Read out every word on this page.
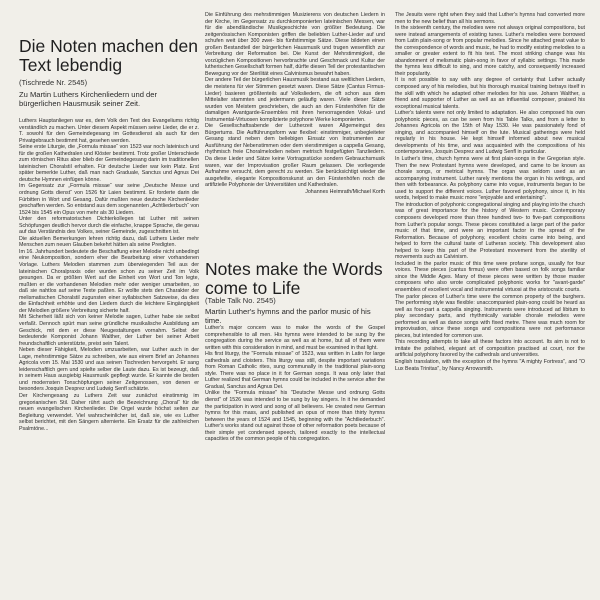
Die Noten machen den Text lebendig
(Tischrede Nr. 2545)
Zu Martin Luthers Kirchenliedern und der bürgerlichen Hausmusik seiner Zeit.

Luthers Hauptanliegen war es, dem Volk den Text des Evangeliums richtig verständlich zu machen. Unter diesem Aspekt müssen seine Lieder, die er z. T. sowohl für den Gemeindegesang im Gottesdienst als auch für den Privatgebrauch bestimmt hat, gesehen werden.

Seine erste Liturgie, die „Formula missae“ von 1523 war noch lateinisch und für die großen Kathedralen und Klöster bestimmt. Trotz großer Unterschiede zum römischen Ritus aber blieb der Gemeindegesang darin im traditionellen lateinischen Choralstil erhalten. Für deutsche Lieder war kein Platz. Erst später bemerkte Luther, daß man nach Graduale, Sanctus und Agnus Dei deutsche Hymnen einfügen könne.

Im Gegensatz zur „Formula missae“ war seine „Deutsche Messe und ordnung Gotts dienst“ von 1526 für Laien bestimmt. Er forderte darin die Fürbitten in Wort und Gesang. Dafür mußten neue deutsche Kirchenlieder geschaffen werden. So entstand aus dem sogenannten „Achtliederbuch“ von 1524 bis 1545 ein Opus von mehr als 30 Liedern.

Unter den reformatorischen Dichterkollegen tat Luther mit seinen Schöpfungen deutlich hervor durch die einfache, knappe Sprache, die genau auf das Verständnis des Volkes, seiner Gemeinde, zugeschnitten ist.

Die aktuellen Bemerkungen lehren richtig dazu, daß Luthers Lieder mehr Menschen zum neuen Glauben bekehrt hätten als seine Predigten.

Im 16. Jahrhundert bedeutete die Beschaffung einer Melodie nicht unbedingt eine Neukomposition, sondern eher die Bearbeitung einer vorhandenen Vorlage. Luthers Melodien stammen zum überwiegenden Teil aus der lateinischen Choralpraxis oder wurden schon zu seiner Zeit im Volk gesungen. Da er größten Wert auf die Einheit von Wort und Ton legte, mußten er die vorhandenen Melodien mehr oder weniger umarbeiten, so daß sie nahtlos auf seine Texte paßten. Er wollte stets den Charakter der melismatischen Choralstil zugunsten einer syllabischen Satzweise, da dies die Einfachheit erhöhte und den Liedern durch die leichtere Eingängigkeit der Melodien größere Verbreitung sicherte half.

Mit Sicherheit läßt sich von keiner Melodie sagen, Luther habe sie selbst verfaßt. Dennoch spürt man seine gründliche musikalische Ausbildung am Geschick, mit dem er diese Neugestaltungen vornahm. Selbst der bedeutende Komponist Johann Walther, der Luther bei seiner Arbeit freundschaftlich unterstützte, preist sein Talent.

Neben dieser Fähigkeit, Melodien umzuarbeiten, war Luther auch in der Lage, mehrstimmige Sätze zu schreiben, wie aus einem Brief an Johannes Agricola vom 15. Mai 1530 und aus seinen Tischreden hervorgeht. Er sang leidenschaftlich gern und spielte selber die Laute dazu. Es ist bezeugt, daß in seinem Haus ausgiebig Hausmusik gepflegt wurde. Er kannte die besten und modernsten Tonschöpfungen seiner Zeitgenossen, von denen er besonders Josquin Desprez und Ludwig Senfl schätzte.

Der Kirchengesang zu Luthers Zeit war zunächst einstimmig im gregorianischen Stil. Daher rührt auch die Bezeichnung „Choral“ für die neuen evangelischen Kirchenlieder. Die Orgel wurde höchst selten zur Begleitung verwendet. Viel wahrscheinlicher ist, daß sie, wie es Luther selbst berichtet, mit den Sängern alternierte. Ein Ersatz für die zahlreichen Psalmtöne...

Die Einführung des mehrstimmigen Musizierens von deutschen Liedern in der Kirche, im Gegensatz zu durchkomponierten lateinischen Messen, war für die abendländische Musikgeschichte von größter Bedeutung. Die zeitgenössischen Komponisten griffen die beliebten Luther-Lieder auf und schufen weit über 300 zwei- bis fünfstimmige Sätze. Diese bildeten einen großen Bestandteil der bürgerlichen Hausmusik und trugen wesentlich zur Verbreitung der Reformation bei. Die Kunst der Mehrstimmigkeit, die vorzüglichen Kompositionen hervorbrachte und Geschmack und Kultur der lutherischen Gesellschaft formen half, dürfte diesen Teil der protestantischen Bewegung vor der Sterilität eines Calvinismus bewahrt haben.

Der andere Teil der bürgerlichen Hausmusik bestand aus weltlichen Liedern, die meistens für vier Stimmen gesetzt waren. Diese Sätze (Cantus Firmus-Lieder) basieren größtenteils auf Volksliedern, die oft schon aus dem Mittelalter stammten und jedermann geläufig waren. Viele dieser Sätze wurden von Meistern geschrieben, die auch an den Fürstenhöfen für die damaligen Avantgarde-Ensembles mit ihren hervorragenden Vokal- und Instrumental-Virtuosen komplizierte polyphone Werke komponierten.

Die Gesellschaftsabende der Lutherzeit waren Allgemeingut des Bürgertums. Die Aufführungsform war flexibel: einstimmiger, unbegleiteter Gesang stand neben dem beliebigen Einsatz von Instrumenten zur Ausführung der Nebenstimmen oder dem vierstimmigen a cappella Gesang, rhythmisch freie Choralmelodien neben metrisch festgefügten Tanzliedern. Da diese Lieder und Sätze keine Vortragsstücke sondern Gebrauchsmusik waren, war der Improvisation großer Raum gelassen. Die vorliegende Aufnahme versucht, dem gerecht zu werden. Sie berücksichtigt wieder die ausgefeilte, elegante Kompositionskunst an den Fürstenhöfen noch die artifizielle Polyphonie der Universitäten und Kathedralen.

Johannes Heimrath/Michael Korth
Notes make the Words come to Life
(Table Talk No. 2545)
Martin Luther's hymns and the parlor music of his time.

Luther's major concern was to make the words of the Gospel comprehensible to all men. His hymns were intended to be sung by the congregation during the service as well as at home, but all of them were written with this consideration in mind, and must be examined in that light.

His first liturgy, the "Formula missae" of 1523, was written in Latin for large cathedrals and cloisters. This liturgy was still, despite important variations from Roman Catholic rites, sung communally in the traditional plain-song style. There was no place in it for German songs. It was only later that Luther realized that German hymns could be included in the service after the Gradual, Sanctus and Agnus Dei.

Unlike the "Formula missae" his "Deutsche Messe und ordnung Gotts dienst" of 1526 was intended to be sung by lay singers. In it he demanded the participation in word and song of all believers. He created new German hymns for this mass, and published an opus of more than thirty hymns between the years of 1524 and 1545, beginning with the "Achtliederbuch". Luther's works stand out against those of other reformation poets because of their simple yet condensed speech, tailored exactly to the intellectual capacities of the common people of his congregation.

The Jesuits were right when they said that Luther's hymns had converted more men to the new belief than all his sermons.

In the sixteenth century, the melodies were not always original compositions, but were instead arrangements of existing tunes. Luther's melodies were borrowed from Latin plain-song or from popular melodies. Since he attached great value to the correspondence of words and music, he had to modify existing melodies to a smaller or greater extent to fit his text. The most striking change was his abandonment of melismatic plain-song in favor of syllabic settings. This made the hymns less difficult to sing, and more catchy, and consequently increased their popularity.

It is not possible to say with any degree of certainty that Luther actually composed any of his melodies, but his thorough musical training betrays itself in the skill with which he adapted other melodies for his use. Johann Walther, a friend and supporter of Luther as well as an influential composer, praised his exceptional musical talents.

Luther's talents were not only limited to adaptation. He also composed his own polyphonic pieces, as can be seen from his Table Talks, and from a letter to Johannes Agricola on the 15th of May 1530. He was passionately fond of singing, and accompanied himself on the lute. Musical gatherings were held regularly in his house. He kept himself informed about new musical developments of his time, and was acquainted with the compositions of his contemporaries, Josquin Desprez and Ludwig Senfl in particular.

In Luther's time, church hymns were at first plain-songs in the Gregorian style. Then the new Protestant hymns were developed, and came to be known as chorale songs, or metrical hymns. The organ was seldom used as an accompanying instrument. Luther rarely mentions the organ in his writings, and then with forbearance. As polyphony came into vogue, instruments began to be used to support the different voices. Luther favored polyphony, since it, in his words, helped to make music more "enjoyable and entertaining".

The introduction of polyphonic congregational singing and playing into the church was of great importance for the history of Western music. Contemporary composers developed more than three hundred two- to five-part compositions from Luther's popular songs. These pieces constituted a large part of the parlor music of that time, and were an important factor in the spread of the Reformation. Because of polyphony, excellent choirs came into being, and helped to form the cultural taste of Lutheran society. This development also helped to keep this part of the Protestant movement from the sterility of movements such as Calvinism.

Included in the parlor music of this time were profane songs, usually for four voices. These pieces (cantus firmus) were often based on folk songs familiar since the Middle Ages. Many of these pieces were written by those master composers who also wrote complicated polyphonic works for "avant-garde" ensembles of excellent vocal and instrumental virtuosi at the aristocratic courts.

The parlor pieces of Luther's time were the common property of the burghers. The performing style was flexible: unaccompanied plain-song could be heard as well as four-part a cappella singing. Instruments were introduced ad libitum to play secondary parts, and rhythmically variable chorale melodies were performed as well as dance songs with fixed metre. There was much room for improvisation, since these songs and compositions were not performance pieces, but intended for common use.

This recording attempts to take all these factors into account. Its aim is not to imitate the polished, elegant art of composition practised at court, nor the artificial polyphony favored by the cathedrals and universities.

English translation, with the exception of the hymns "A mighty Fortress", and "O Lux Beata Trinitas", by Nancy Arrowsmith.
